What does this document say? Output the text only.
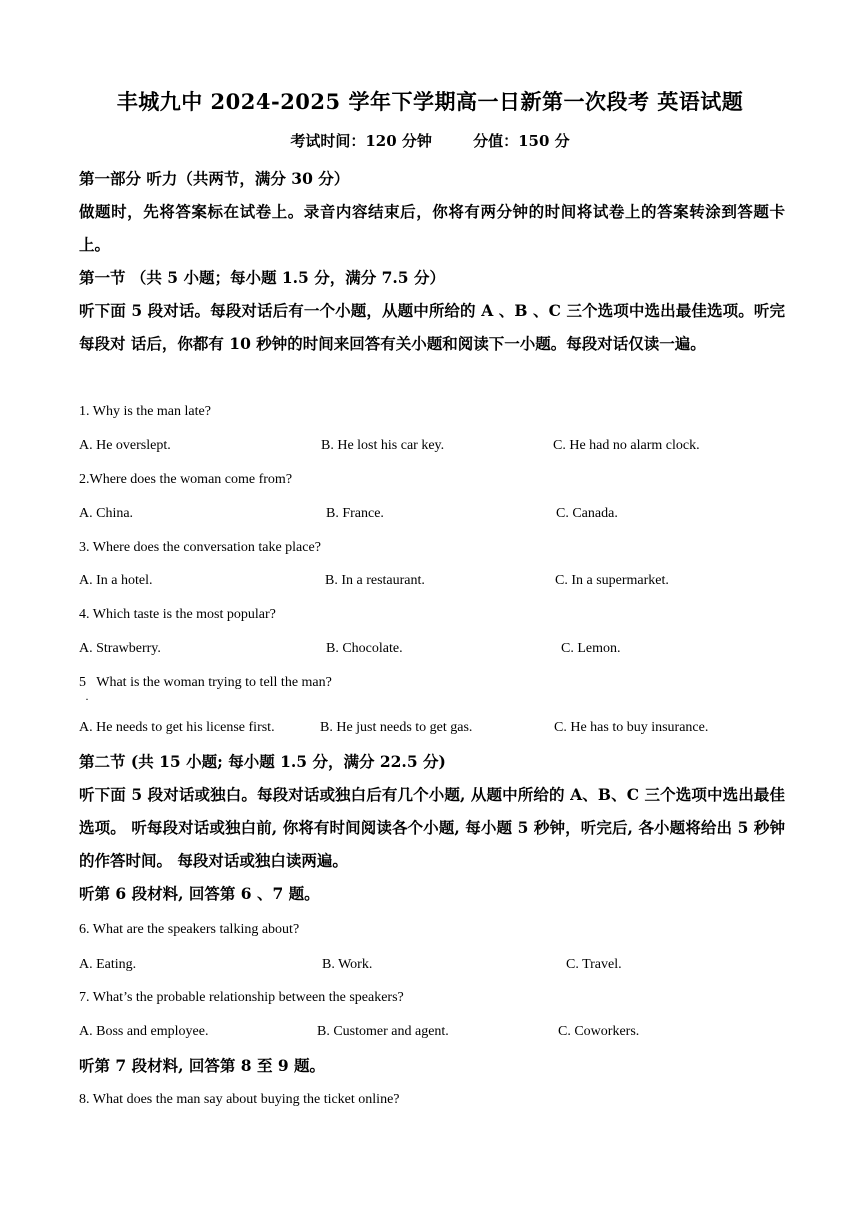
丰城九中 2024-2025 学年下学期高一日新第一次段考 英语试题
考试时间：120 分钟	分值：150 分
第一部分 听力（共两节，满分 30 分）
做题时，先将答案标在试卷上。录音内容结束后，你将有两分钟的时间将试卷上的答案转涂到答题卡上。
第一节 （共 5 小题；每小题 1.5 分，满分 7.5 分）
听下面 5 段对话。每段对话后有一个小题，从题中所给的 A 、B 、C 三个选项中选出最佳选项。听完每段对 话后，你都有 10 秒钟的时间来回答有关小题和阅读下一小题。每段对话仅读一遍。
1. Why is the man late?
A. He overslept.	B. He lost his car key.	C. He had no alarm clock.
2.Where does the woman come from?
A. China.	B. France.	C. Canada.
3. Where does the conversation take place?
A. In a hotel.	B. In a restaurant.	C. In a supermarket.
4. Which taste is the most popular?
A. Strawberry.	B. Chocolate.	C. Lemon.
5   What is the woman trying to tell the man?
·
A. He needs to get his license first.	B. He just needs to get gas.	C. He has to buy insurance.
第二节 (共 15 小题; 每小题 1.5 分，满分 22.5 分)
听下面 5 段对话或独白。每段对话或独白后有几个小题, 从题中所给的 A、B、C 三个选项中选出最佳选项。 听每段对话或独白前, 你将有时间阅读各个小题, 每小题 5 秒钟，听完后, 各小题将给出 5 秒钟的作答时间。 每段对话或独白读两遍。
听第 6 段材料, 回答第 6 、7 题。
6. What are the speakers talking about?
A. Eating.	B. Work.	C. Travel.
7. What’s the probable relationship between the speakers?
A. Boss and employee.	B. Customer and agent.	C. Coworkers.
听第 7 段材料, 回答第 8 至 9 题。
8. What does the man say about buying the ticket online?
